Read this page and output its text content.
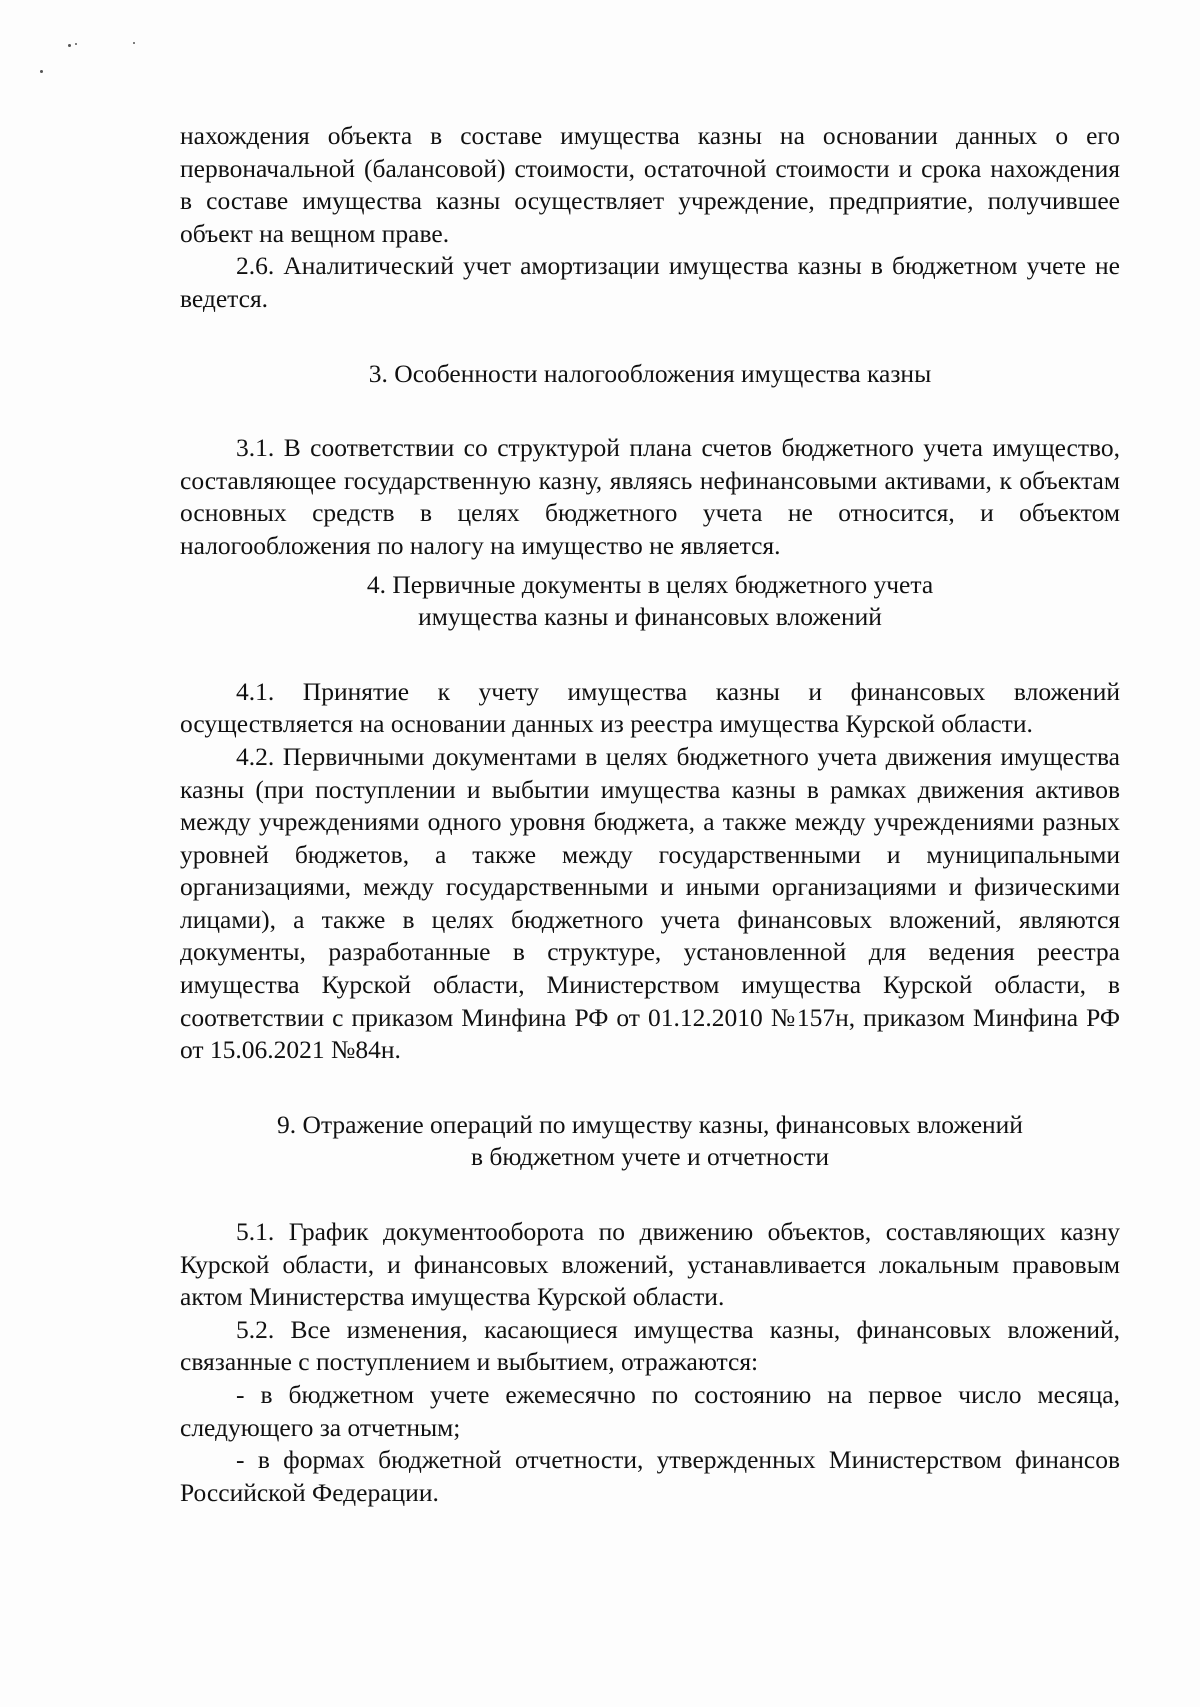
нахождения объекта в составе имущества казны на основании данных о его первоначальной (балансовой) стоимости, остаточной стоимости и срока нахождения в составе имущества казны осуществляет учреждение, предприятие, получившее объект на вещном праве.

2.6. Аналитический учет амортизации имущества казны в бюджетном учете не ведется.

3. Особенности налогообложения имущества казны

3.1. В соответствии со структурой плана счетов бюджетного учета имущество, составляющее государственную казну, являясь нефинансовыми активами, к объектам основных средств в целях бюджетного учета не относится, и объектом налогообложения по налогу на имущество не является.

4. Первичные документы в целях бюджетного учета
имущества казны и финансовых вложений

4.1. Принятие к учету имущества казны и финансовых вложений осуществляется на основании данных из реестра имущества Курской области.

4.2. Первичными документами в целях бюджетного учета движения имущества казны (при поступлении и выбытии имущества казны в рамках движения активов между учреждениями одного уровня бюджета, а также между учреждениями разных уровней бюджетов, а также между государственными и муниципальными организациями, между государственными и иными организациями и физическими лицами), а также в целях бюджетного учета финансовых вложений, являются документы, разработанные в структуре, установленной для ведения реестра имущества Курской области, Министерством имущества Курской области, в соответствии с приказом Минфина РФ от 01.12.2010 №157н, приказом Минфина РФ от 15.06.2021 №84н.

9. Отражение операций по имуществу казны, финансовых вложений
в бюджетном учете и отчетности

5.1. График документооборота по движению объектов, составляющих казну Курской области, и финансовых вложений, устанавливается локальным правовым актом Министерства имущества Курской области.

5.2. Все изменения, касающиеся имущества казны, финансовых вложений, связанные с поступлением и выбытием, отражаются:

- в бюджетном учете ежемесячно по состоянию на первое число месяца, следующего за отчетным;

- в формах бюджетной отчетности, утвержденных Министерством финансов Российской Федерации.
